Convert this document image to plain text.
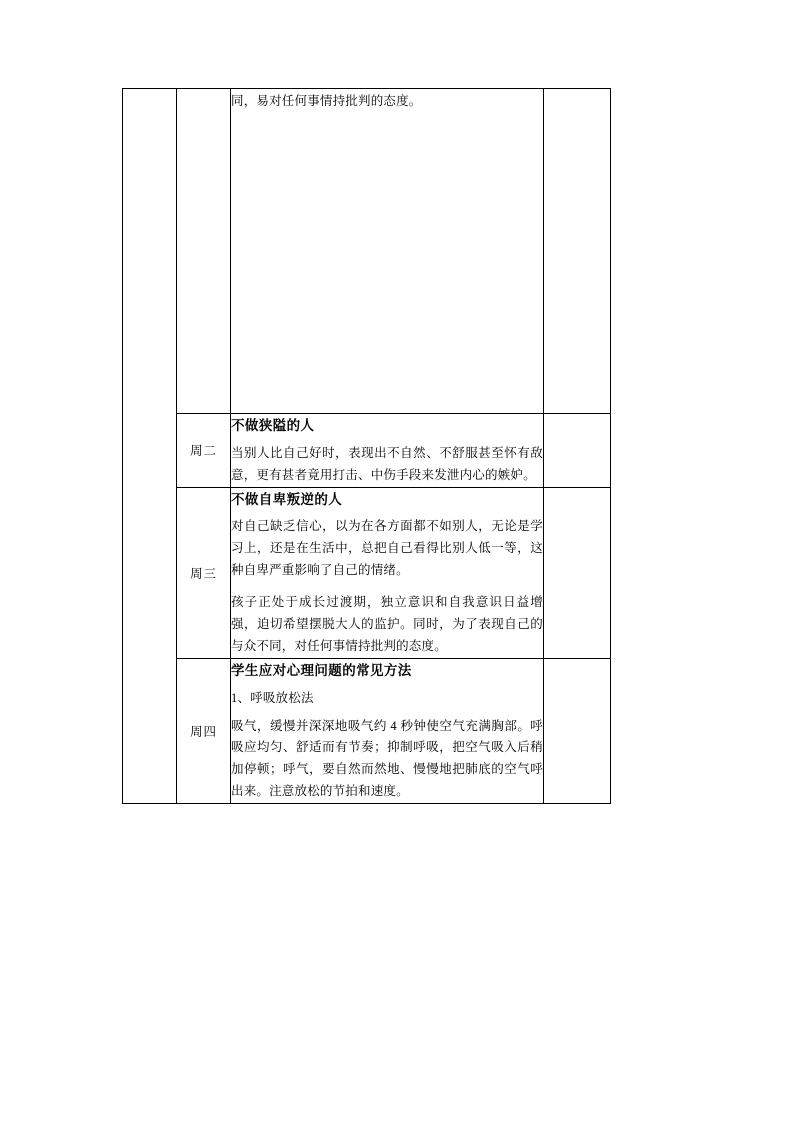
		同，易对任何事情持批判的态度。	

	周二	不做狭隘的人
当别人比自己好时，表现出不自然、不舒服甚至怀有敌意，更有甚者竟用打击、中伤手段来发泄内心的嫉妒。	

	周三	不做自卑叛逆的人
对自己缺乏信心，以为在各方面都不如别人，无论是学习上，还是在生活中，总把自己看得比别人低一等，这种自卑严重影响了自己的情绪。
孩子正处于成长过渡期，独立意识和自我意识日益增强，迫切希望摆脱大人的监护。同时，为了表现自己的与众不同，对任何事情持批判的态度。	

	周四	学生应对心理问题的常见方法
1、呼吸放松法
吸气，缓慢并深深地吸气约 4 秒钟使空气充满胸部。呼吸应均匀、舒适而有节奏；抑制呼吸，把空气吸入后稍加停顿；呼气，要自然而然地、慢慢地把肺底的空气呼出来。注意放松的节拍和速度。	
